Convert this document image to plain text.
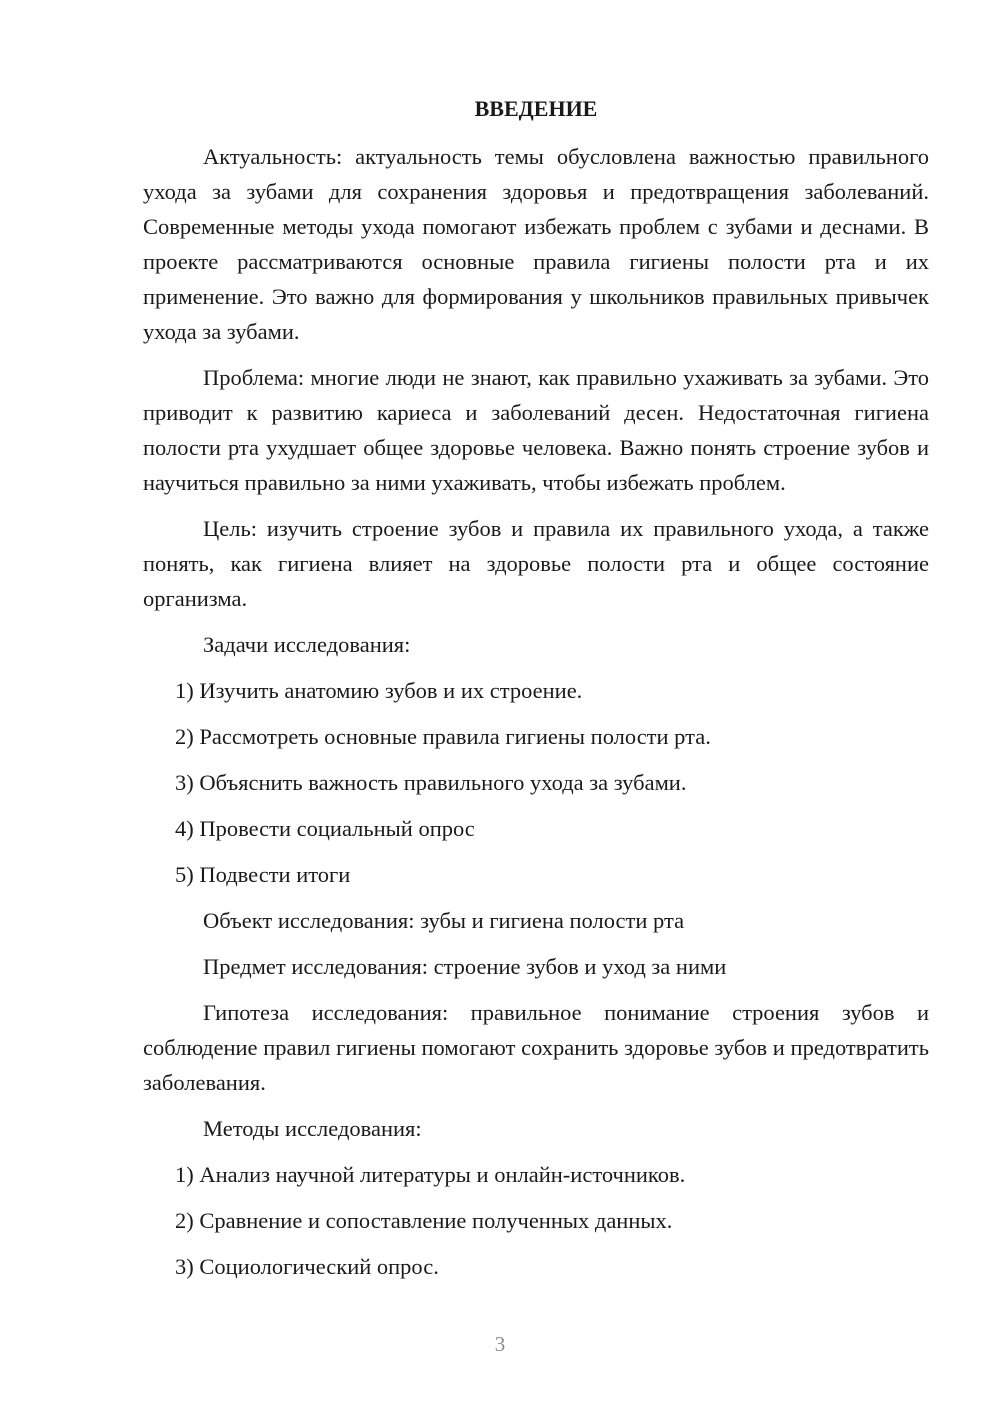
ВВЕДЕНИЕ
Актуальность: актуальность темы обусловлена важностью правильного ухода за зубами для сохранения здоровья и предотвращения заболеваний. Современные методы ухода помогают избежать проблем с зубами и деснами. В проекте рассматриваются основные правила гигиены полости рта и их применение. Это важно для формирования у школьников правильных привычек ухода за зубами.
Проблема: многие люди не знают, как правильно ухаживать за зубами. Это приводит к развитию кариеса и заболеваний десен. Недостаточная гигиена полости рта ухудшает общее здоровье человека. Важно понять строение зубов и научиться правильно за ними ухаживать, чтобы избежать проблем.
Цель: изучить строение зубов и правила их правильного ухода, а также понять, как гигиена влияет на здоровье полости рта и общее состояние организма.
Задачи исследования:
1) Изучить анатомию зубов и их строение.
2) Рассмотреть основные правила гигиены полости рта.
3) Объяснить важность правильного ухода за зубами.
4) Провести социальный опрос
5) Подвести итоги
Объект исследования: зубы и гигиена полости рта
Предмет исследования: строение зубов и уход за ними
Гипотеза исследования: правильное понимание строения зубов и соблюдение правил гигиены помогают сохранить здоровье зубов и предотвратить заболевания.
Методы исследования:
1) Анализ научной литературы и онлайн-источников.
2) Сравнение и сопоставление полученных данных.
3) Социологический опрос.
3
